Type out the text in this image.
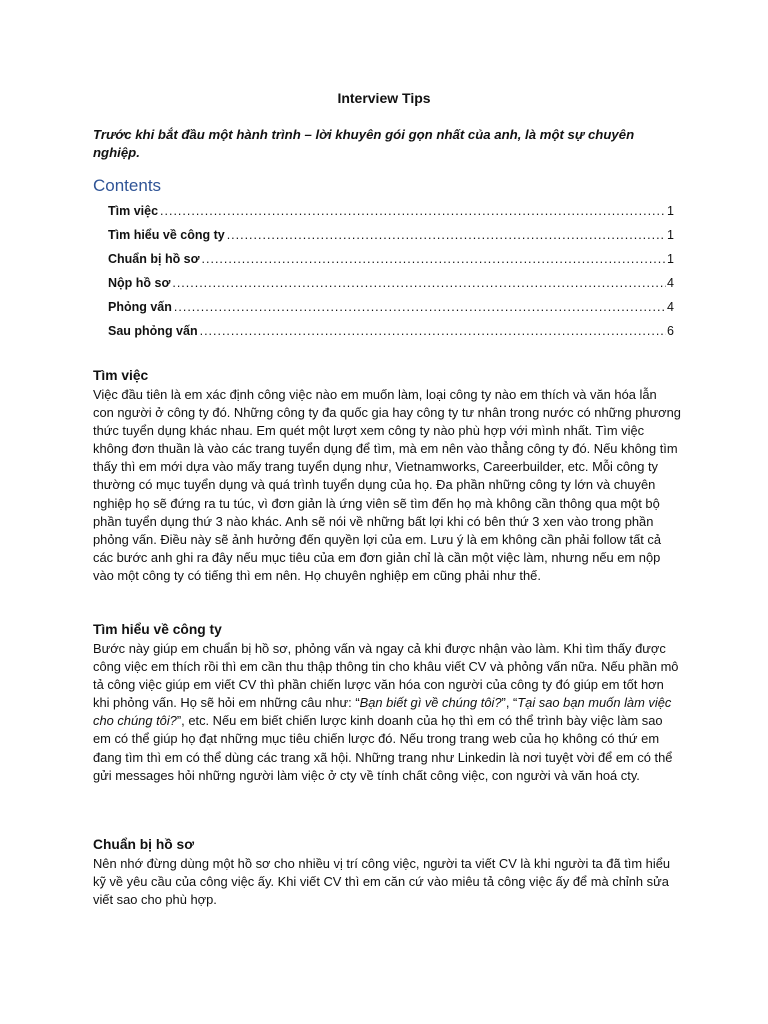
Interview Tips
Trước khi bắt đầu một hành trình – lời khuyên gói gọn nhất của anh, là một sự chuyên nghiệp.
Contents
Tìm việc .....	1
Tìm hiểu về công ty .....	1
Chuẩn bị hồ sơ .....	1
Nộp hồ sơ .....	4
Phỏng vấn .....	4
Sau phỏng vấn .....	6
Tìm việc

Việc đầu tiên là em xác định công việc nào em muốn làm, loại công ty nào em thích và văn hóa lẫn con người ở công ty đó. Những công ty đa quốc gia hay công ty tư nhân trong nước có những phương thức tuyển dụng khác nhau. Em quét một lượt xem công ty nào phù hợp với mình nhất. Tìm việc không đơn thuần là vào các trang tuyển dụng để tìm, mà em nên vào thẳng công ty đó. Nếu không tìm thấy thì em mới dựa vào mấy trang tuyển dụng như, Vietnamworks, Careerbuilder, etc. Mỗi công ty thường có mục tuyển dụng và quá trình tuyển dụng của họ. Đa phần những công ty lớn và chuyên nghiệp họ sẽ đứng ra tu túc, vì đơn giản là ứng viên sẽ tìm đến họ mà không cần thông qua một bộ phần tuyển dụng thứ 3 nào khác. Anh sẽ nói về những bất lợi khi có bên thứ 3 xen vào trong phần phỏng vấn. Điều này sẽ ảnh hưởng đến quyền lợi của em. Lưu ý là em không cần phải follow tất cả các bước anh ghi ra đây nếu mục tiêu của em đơn giản chỉ là cần một việc làm, nhưng nếu em nộp vào một công ty có tiếng thì em nên. Họ chuyên nghiệp em cũng phải như thế.

Tìm hiểu về công ty

Bước này giúp em chuẩn bị hồ sơ, phỏng vấn và ngay cả khi được nhận vào làm. Khi tìm thấy được công việc em thích rồi thì em cần thu thập thông tin cho khâu viết CV và phỏng vấn nữa. Nếu phần mô tả công việc giúp em viết CV thì phần chiến lược văn hóa con người của công ty đó giúp em tốt hơn khi phỏng vấn. Họ sẽ hỏi em những câu như: “Bạn biết gì về chúng tôi?”, “Tại sao bạn muốn làm việc cho chúng tôi?”, etc. Nếu em biết chiến lược kinh doanh của họ thì em có thể trình bày việc làm sao em có thể giúp họ đạt những mục tiêu chiến lược đó. Nếu trong trang web của họ không có thứ em đang tìm thì em có thể dùng các trang xã hội. Những trang như Linkedin là nơi tuyệt vời để em có thể gửi messages hỏi những người làm việc ở cty về tính chất công việc, con người và văn hoá cty.

Chuẩn bị hồ sơ

Nên nhớ đừng dùng một hồ sơ cho nhiều vị trí công việc, người ta viết CV là khi người ta đã tìm hiểu kỹ về yêu cầu của công việc ấy. Khi viết CV thì em căn cứ vào miêu tả công việc ấy để mà chỉnh sửa viết sao cho phù hợp.
